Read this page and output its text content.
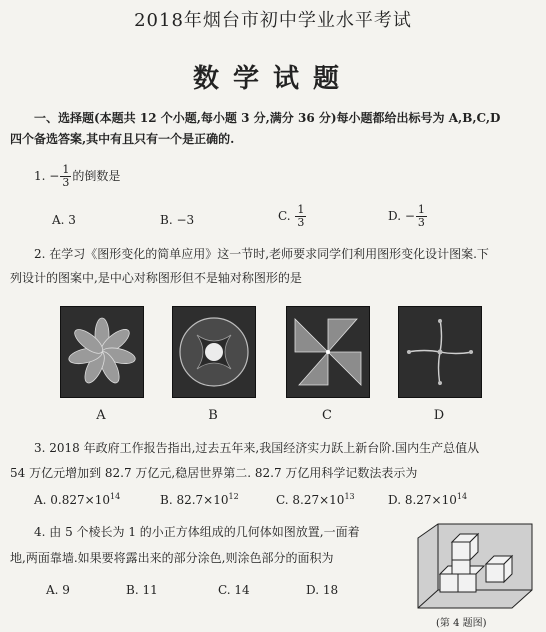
2018年烟台市初中学业水平考试
数学试题
一、选择题(本题共 12 个小题,每小题 3 分,满分 36 分)每小题都给出标号为 A,B,C,D
四个备选答案,其中有且只有一个是正确的.
1. − $\frac{1}{3}$ 的倒数是
A. 3	B. −3	C. $\frac{1}{3}$	D. − $\frac{1}{3}$
2. 在学习《图形变化的简单应用》这一节时,老师要求同学们利用图形变化设计图案.下
列设计的图案中,是中心对称图形但不是轴对称图形的是
A	B	C	D
3. 2018 年政府工作报告指出,过去五年来,我国经济实力跃上新台阶.国内生产总值从
54 万亿元增加到 82.7 万亿元,稳居世界第二. 82.7 万亿用科学记数法表示为
A. $0.827\times 10^{14}$	B. $82.7\times 10^{12}$	C. $8.27\times 10^{13}$	D. $8.27\times 10^{14}$
4. 由 5 个棱长为 1 的小正方体组成的几何体如图放置,一面着
地,两面靠墙.如果要将露出来的部分涂色,则涂色部分的面积为
A. 9	B. 11	C. 14	D. 18
(第 4 题图)
